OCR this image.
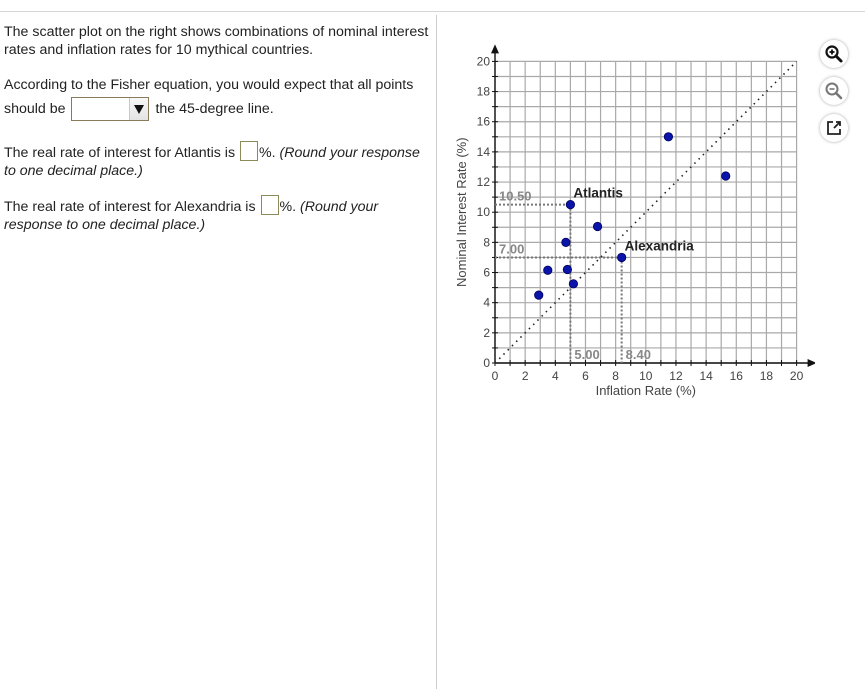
The scatter plot on the right shows combinations of nominal interest rates and inflation rates for 10 mythical countries.

According to the Fisher equation, you would expect that all points should be	the 45-degree line.

The real rate of interest for Atlantis is %. (Round your response to one decimal place.)

The real rate of interest for Alexandria is %. (Round your response to one decimal place.)

0 2 4 6 8 10 12 14 16 18 20
0
2
4
6
8
10
12
14
16
18
20
Inflation Rate (%)
Nominal Interest Rate (%) 10.50
7.00
5.00 8.40
Atlantis
Alexandria
